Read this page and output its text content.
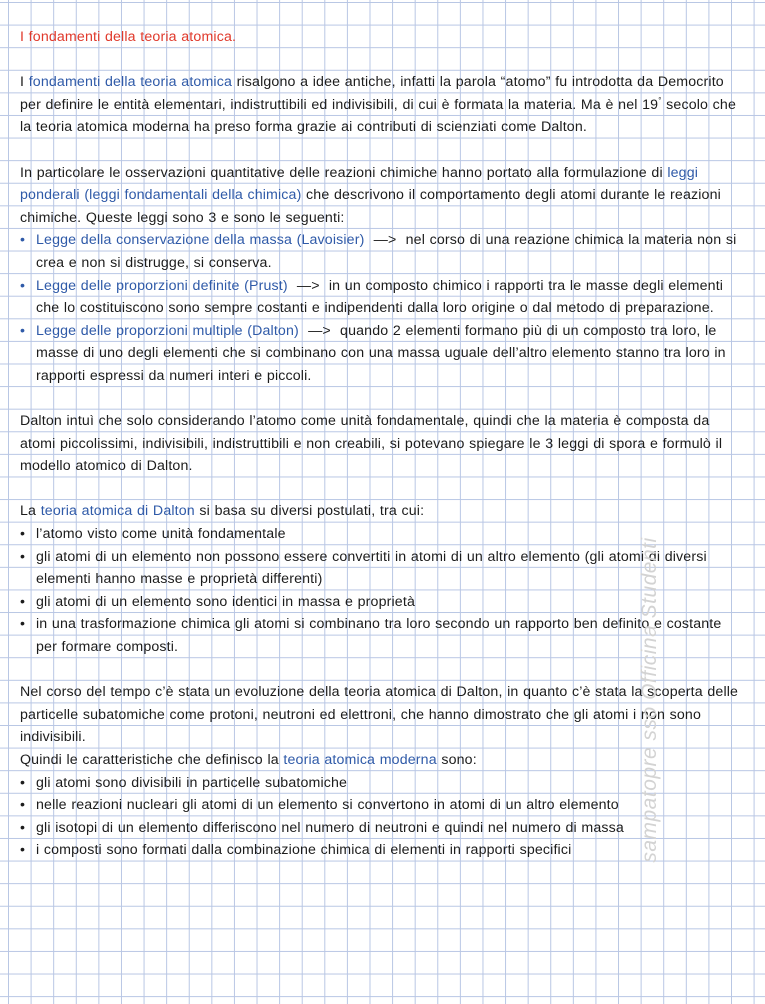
I fondamenti della teoria atomica.

I fondamenti della teoria atomica risalgono a idee antiche, infatti la parola “atomo” fu introdotta da Democrito per definire le entità elementari, indistruttibili ed indivisibili, di cui è formata la materia. Ma è nel 19° secolo che la teoria atomica moderna ha preso forma grazie ai contributi di scienziati come Dalton.

In particolare le osservazioni quantitative delle reazioni chimiche hanno portato alla formulazione di leggi ponderali (leggi fondamentali della chimica) che descrivono il comportamento degli atomi durante le reazioni chimiche. Queste leggi sono 3 e sono le seguenti:

• Legge della conservazione della massa (Lavoisier) —> nel corso di una reazione chimica la materia non si crea e non si distrugge, si conserva.
• Legge delle proporzioni definite (Prust) —> in un composto chimico i rapporti tra le masse degli elementi che lo costituiscono sono sempre costanti e indipendenti dalla loro origine o dal metodo di preparazione.
• Legge delle proporzioni multiple (Dalton) —> quando 2 elementi formano più di un composto tra loro, le masse di uno degli elementi che si combinano con una massa uguale dell’altro elemento stanno tra loro in rapporti espressi da numeri interi e piccoli.

Dalton intuì che solo considerando l’atomo come unità fondamentale, quindi che la materia è composta da atomi piccolissimi, indivisibili, indistruttibili e non creabili, si potevano spiegare le 3 leggi di spora e formulò il modello atomico di Dalton.

La teoria atomica di Dalton si basa su diversi postulati, tra cui:

• l’atomo visto come unità fondamentale
• gli atomi di un elemento non possono essere convertiti in atomi di un altro elemento (gli atomi di diversi elementi hanno masse e proprietà differenti)
• gli atomi di un elemento sono identici in massa e proprietà
• in una trasformazione chimica gli atomi si combinano tra loro secondo un rapporto ben definito e costante per formare composti.

Nel corso del tempo c’è stata un evoluzione della teoria atomica di Dalton, in quanto c’è stata la scoperta delle particelle subatomiche come protoni, neutroni ed elettroni, che hanno dimostrato che gli atomi i non sono indivisibili.

Quindi le caratteristiche che definisco la teoria atomica moderna sono:

• gli atomi sono divisibili in particelle subatomiche
• nelle reazioni nucleari gli atomi di un elemento si convertono in atomi di un altro elemento
• gli isotopi di un elemento differiscono nel numero di neutroni e quindi nel numero di massa
• i composti sono formati dalla combinazione chimica di elementi in rapporti specifici	sampatopre sso Officina Studenti
